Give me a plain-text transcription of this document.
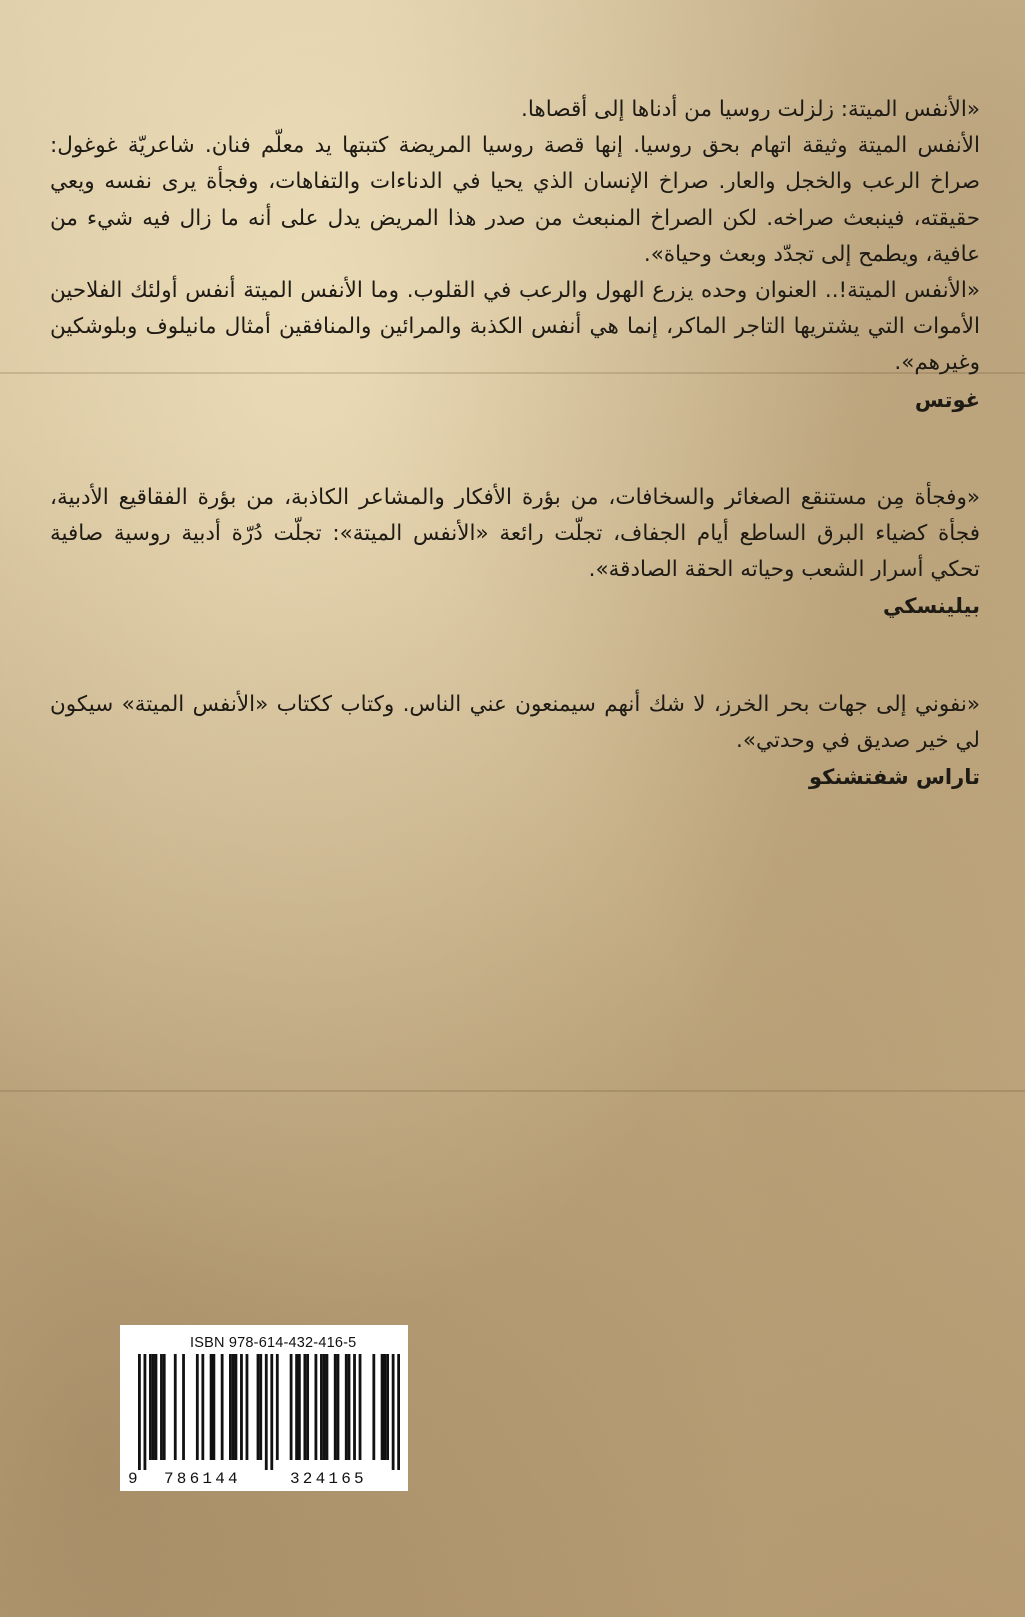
«الأنفس الميتة: زلزلت روسيا من أدناها إلى أقصاها.

الأنفس الميتة وثيقة اتهام بحق روسيا. إنها قصة روسيا المريضة كتبتها يد معلّم فنان. شاعريّة غوغول: صراخ الرعب والخجل والعار. صراخ الإنسان الذي يحيا في الدناءات والتفاهات، وفجأة يرى نفسه ويعي حقيقته، فينبعث صراخه. لكن الصراخ المنبعث من صدر هذا المريض يدل على أنه ما زال فيه شيء من عافية، ويطمح إلى تجدّد وبعث وحياة».

«الأنفس الميتة!.. العنوان وحده يزرع الهول والرعب في القلوب. وما الأنفس الميتة أنفس أولئك الفلاحين الأموات التي يشتريها التاجر الماكر، إنما هي أنفس الكذبة والمرائين والمنافقين أمثال مانيلوف وبلوشكين وغيرهم».

غوتس

«وفجأة مِن مستنقع الصغائر والسخافات، من بؤرة الأفكار والمشاعر الكاذبة، من بؤرة الفقاقيع الأدبية، فجأة كضياء البرق الساطع أيام الجفاف، تجلّت رائعة «الأنفس الميتة»: تجلّت دُرّة أدبية روسية صافية تحكي أسرار الشعب وحياته الحقة الصادقة».

بيلينسكي

«نفوني إلى جهات بحر الخرز، لا شك أنهم سيمنعون عني الناس. وكتاب ككتاب «الأنفس الميتة» سيكون لي خير صديق في وحدتي».

تاراس شفتشنكو

ISBN 978-614-432-416-5
9 786144	324165
